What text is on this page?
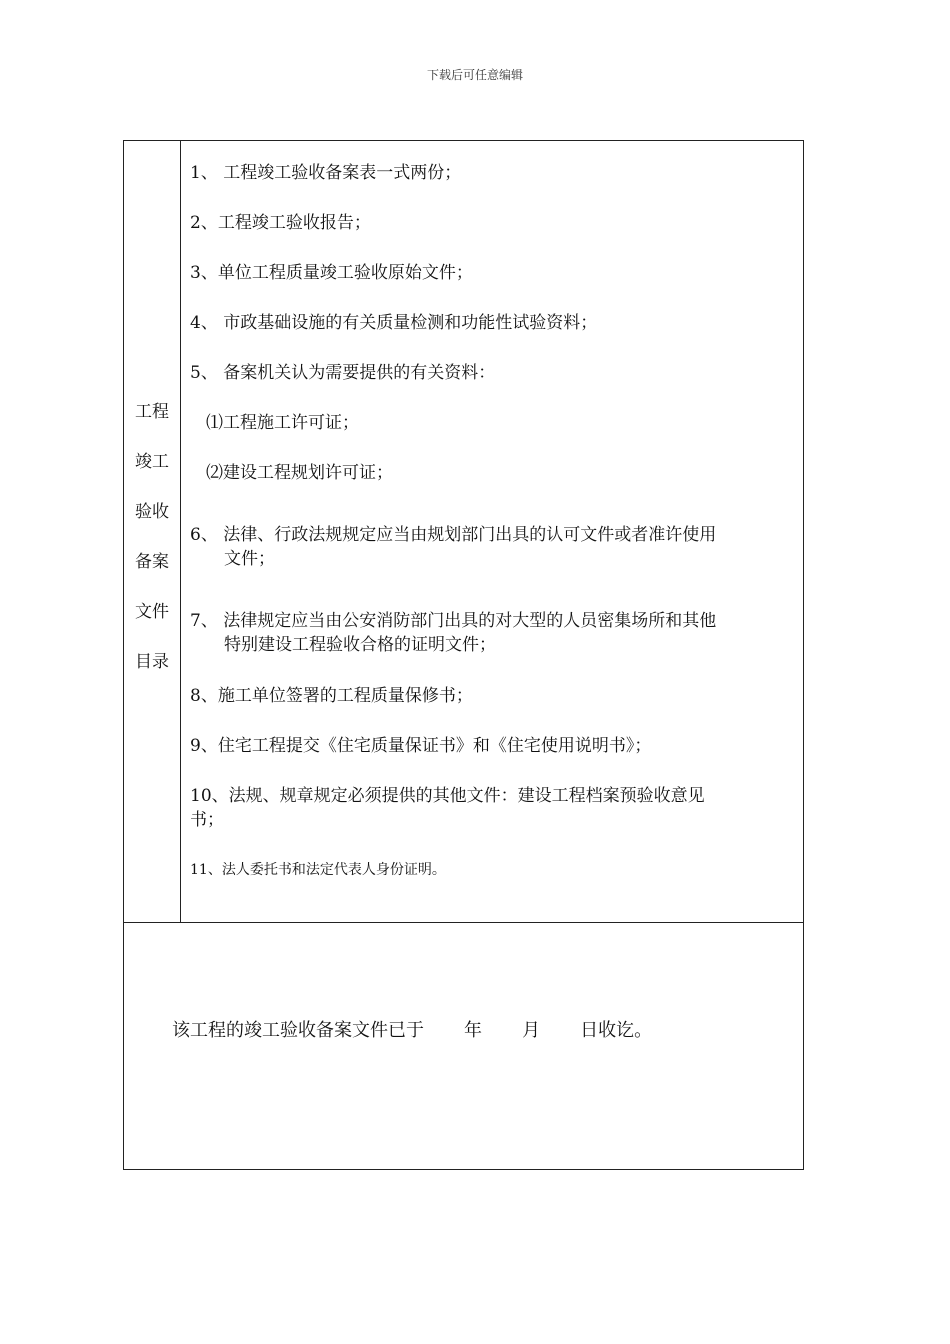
下载后可任意编辑
工程
竣工
验收
备案
文件
目录
1、 工程竣工验收备案表一式两份；
2、工程竣工验收报告；
3、单位工程质量竣工验收原始文件；
4、 市政基础设施的有关质量检测和功能性试验资料；
5、 备案机关认为需要提供的有关资料：
⑴工程施工许可证；
⑵建设工程规划许可证；
6、 法律、行政法规规定应当由规划部门出具的认可文件或者准许使用
文件；
7、 法律规定应当由公安消防部门出具的对大型的人员密集场所和其他
特别建设工程验收合格的证明文件；
8、施工单位签署的工程质量保修书；
9、住宅工程提交《住宅质量保证书》和《住宅使用说明书》；
10、法规、规章规定必须提供的其他文件：建设工程档案预验收意见
书；
11、法人委托书和法定代表人身份证明。
该工程的竣工验收备案文件已于       年       月       日收讫。
